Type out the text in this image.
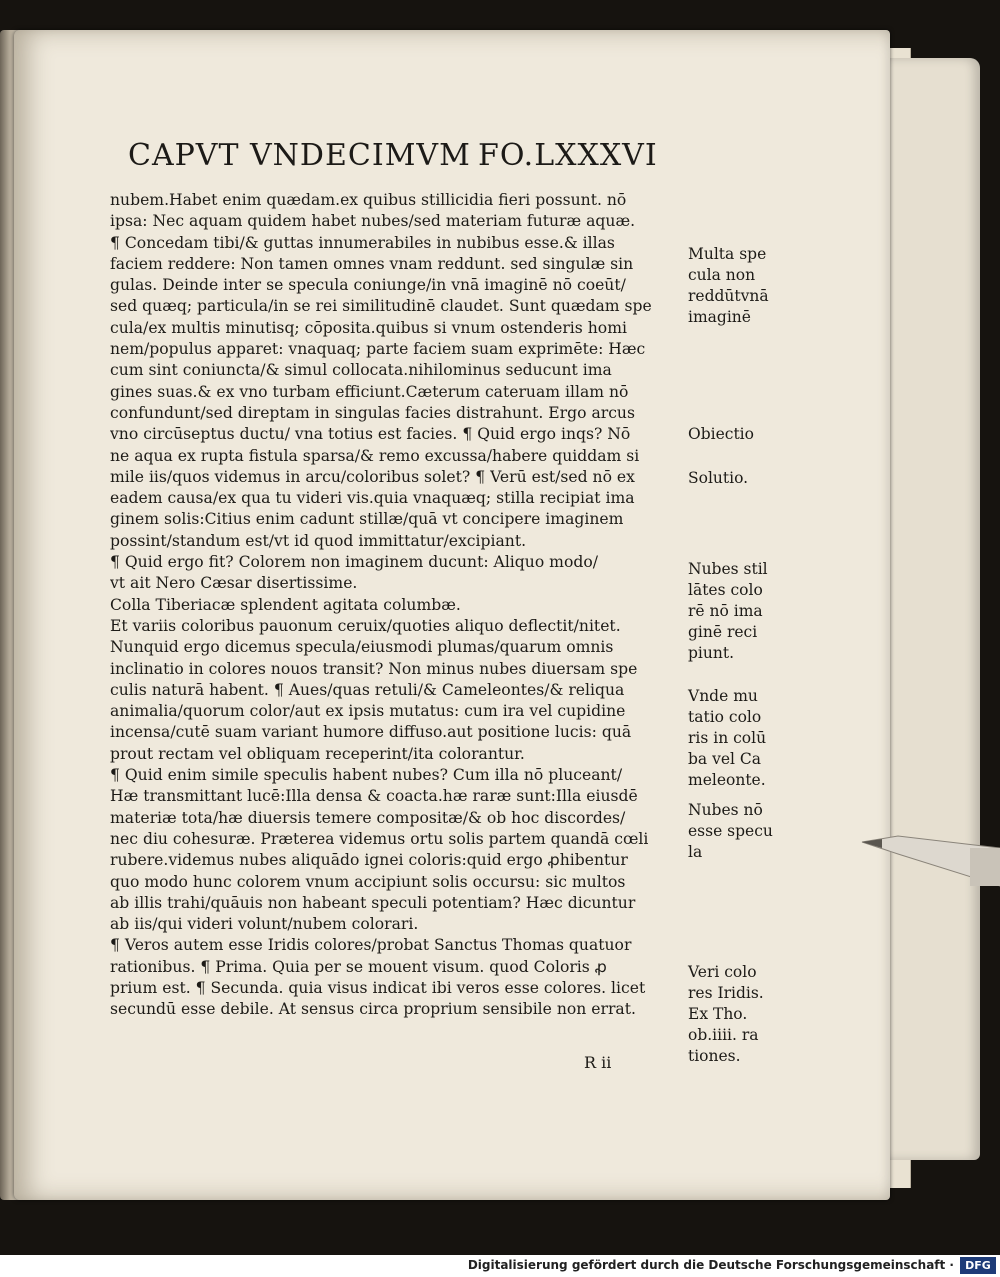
CAPVT VNDECIMVM FO.LXXXVI
nubem.Habet enim quædam.ex quibus stillicidia fieri possunt. nō
ipsa: Nec aquam quidem habet nubes/sed materiam futuræ aquæ.
¶ Concedam tibi/& guttas innumerabiles in nubibus esse.& illas
faciem reddere: Non tamen omnes vnam reddunt. sed singulæ sin
gulas. Deinde inter se specula coniunge/in vnā imaginē nō coeūt/
sed quæq; particula/in se rei similitudinē claudet. Sunt quædam spe
cula/ex multis minutisq; cōposita.quibus si vnum ostenderis homi
nem/populus apparet: vnaquaq; parte faciem suam exprimēte: Hæc
cum sint coniuncta/& simul collocata.nihilominus seducunt ima
gines suas.& ex vno turbam efficiunt.Cæterum cateruam illam nō
confundunt/sed direptam in singulas facies distrahunt. Ergo arcus
vno circūseptus ductu/ vna totius est facies. ¶ Quid ergo inqs? Nō
ne aqua ex rupta fistula sparsa/& remo excussa/habere quiddam si
mile iis/quos videmus in arcu/coloribus solet? ¶ Verū est/sed nō ex
eadem causa/ex qua tu videri vis.quia vnaquæq; stilla recipiat ima
ginem solis:Citius enim cadunt stillæ/quā vt concipere imaginem
possint/standum est/vt id quod immittatur/excipiant.
¶ Quid ergo fit? Colorem non imaginem ducunt: Aliquo modo/
vt ait Nero Cæsar disertissime.
Colla Tiberiacæ splendent agitata columbæ.
Et variis coloribus pauonum ceruix/quoties aliquo deflectit/nitet.
Nunquid ergo dicemus specula/eiusmodi plumas/quarum omnis
inclinatio in colores nouos transit? Non minus nubes diuersam spe
culis naturā habent. ¶ Aues/quas retuli/& Cameleontes/& reliqua
animalia/quorum color/aut ex ipsis mutatus: cum ira vel cupidine
incensa/cutē suam variant humore diffuso.aut positione lucis: quā
prout rectam vel obliquam receperint/ita colorantur.
¶ Quid enim simile speculis habent nubes? Cum illa nō pluceant/
Hæ transmittant lucē:Illa densa & coacta.hæ raræ sunt:Illa eiusdē
materiæ tota/hæ diuersis temere compositæ/& ob hoc discordes/
nec diu cohesuræ. Præterea videmus ortu solis partem quandā cœli
rubere.videmus nubes aliquādo ignei coloris:quid ergo ꝓhibentur
quo modo hunc colorem vnum accipiunt solis occursu: sic multos
ab illis trahi/quāuis non habeant speculi potentiam? Hæc dicuntur
ab iis/qui videri volunt/nubem colorari.
¶ Veros autem esse Iridis colores/probat Sanctus Thomas quatuor
rationibus. ¶ Prima. Quia per se mouent visum. quod Coloris ꝓ
prium est. ¶ Secunda. quia visus indicat ibi veros esse colores. licet
secundū esse debile. At sensus circa proprium sensibile non errat.
R ii
Multa spe
cula non
reddūtvnā
imaginē
Obiectio
Solutio.
Nubes stil
lātes colo
rē nō ima
ginē reci
piunt.
Vnde mu
tatio colo
ris in colū
ba vel Ca
meleonte.
Nubes nō
esse specu
la
Veri colo
res Iridis.
Ex Tho.
ob.iiii. ra
tiones.
Digitalisierung gefördert durch die Deutsche Forschungsgemeinschaft ·	DFG
